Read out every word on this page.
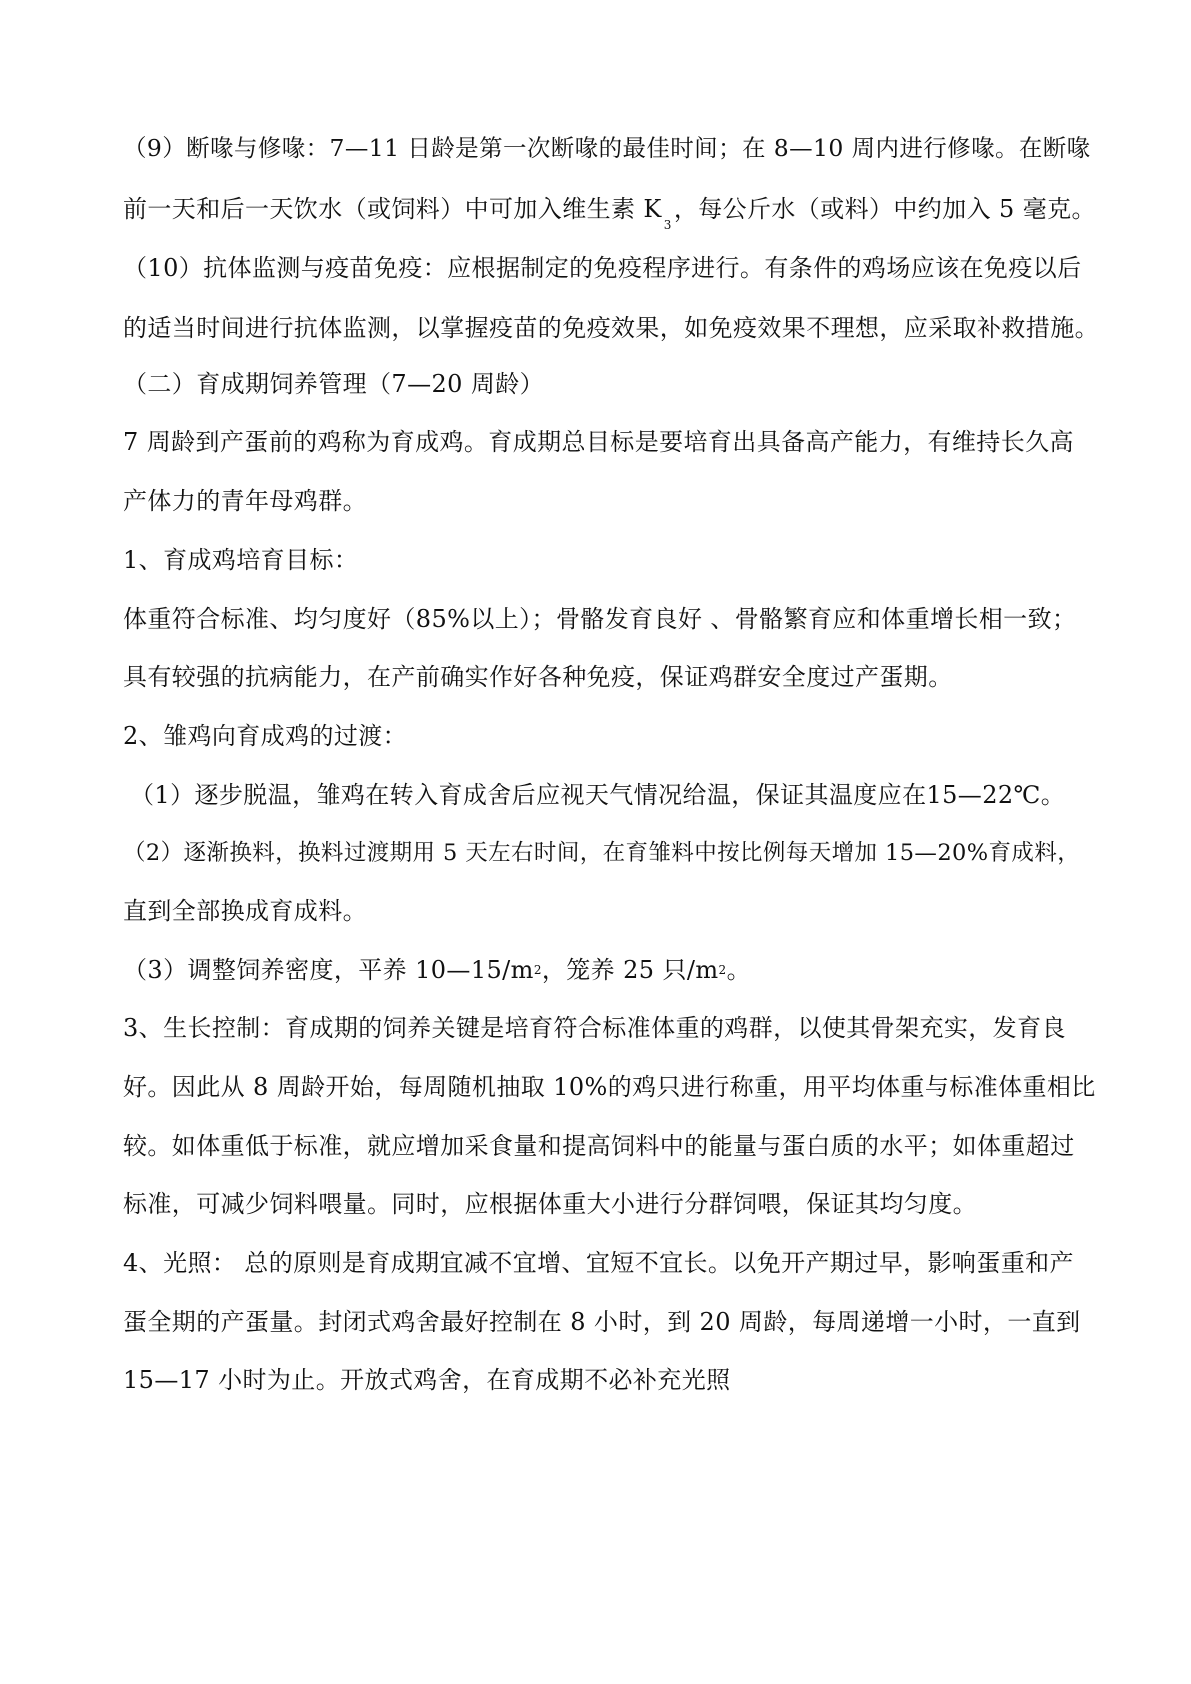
（9）断喙与修喙：7—11 日龄是第一次断喙的最佳时间；在 8—10 周内进行修喙。在断喙
前一天和后一天饮水（或饲料）中可加入维生素 $K_3$，每公斤水（或料）中约加入 5 毫克。
（10）抗体监测与疫苗免疫：应根据制定的免疫程序进行。有条件的鸡场应该在免疫以后
的适当时间进行抗体监测，以掌握疫苗的免疫效果，如免疫效果不理想，应采取补救措施。
（二）育成期饲养管理（7—20 周龄）
7 周龄到产蛋前的鸡称为育成鸡。育成期总目标是要培育出具备高产能力，有维持长久高
产体力的青年母鸡群。
1、育成鸡培育目标：
体重符合标准、均匀度好（85%以上）；骨骼发育良好 、骨骼繁育应和体重增长相一致；
具有较强的抗病能力，在产前确实作好各种免疫，保证鸡群安全度过产蛋期。
2、雏鸡向育成鸡的过渡：
（1）逐步脱温，雏鸡在转入育成舍后应视天气情况给温，保证其温度应在15—22℃。
（2）逐渐换料，换料过渡期用 5 天左右时间，在育雏料中按比例每天增加 15—20%育成料，
直到全部换成育成料。
（3）调整饲养密度，平养 10—15/m2，笼养 25 只/m2。
3、生长控制：育成期的饲养关键是培育符合标准体重的鸡群，以使其骨架充实，发育良
好。因此从 8 周龄开始，每周随机抽取 10%的鸡只进行称重，用平均体重与标准体重相比
较。如体重低于标准，就应增加采食量和提高饲料中的能量与蛋白质的水平；如体重超过
标准，可减少饲料喂量。同时，应根据体重大小进行分群饲喂，保证其均匀度。
4、光照： 总的原则是育成期宜减不宜增、宜短不宜长。以免开产期过早，影响蛋重和产
蛋全期的产蛋量。封闭式鸡舍最好控制在 8 小时，到 20 周龄，每周递增一小时，一直到
15—17 小时为止。开放式鸡舍，在育成期不必补充光照
